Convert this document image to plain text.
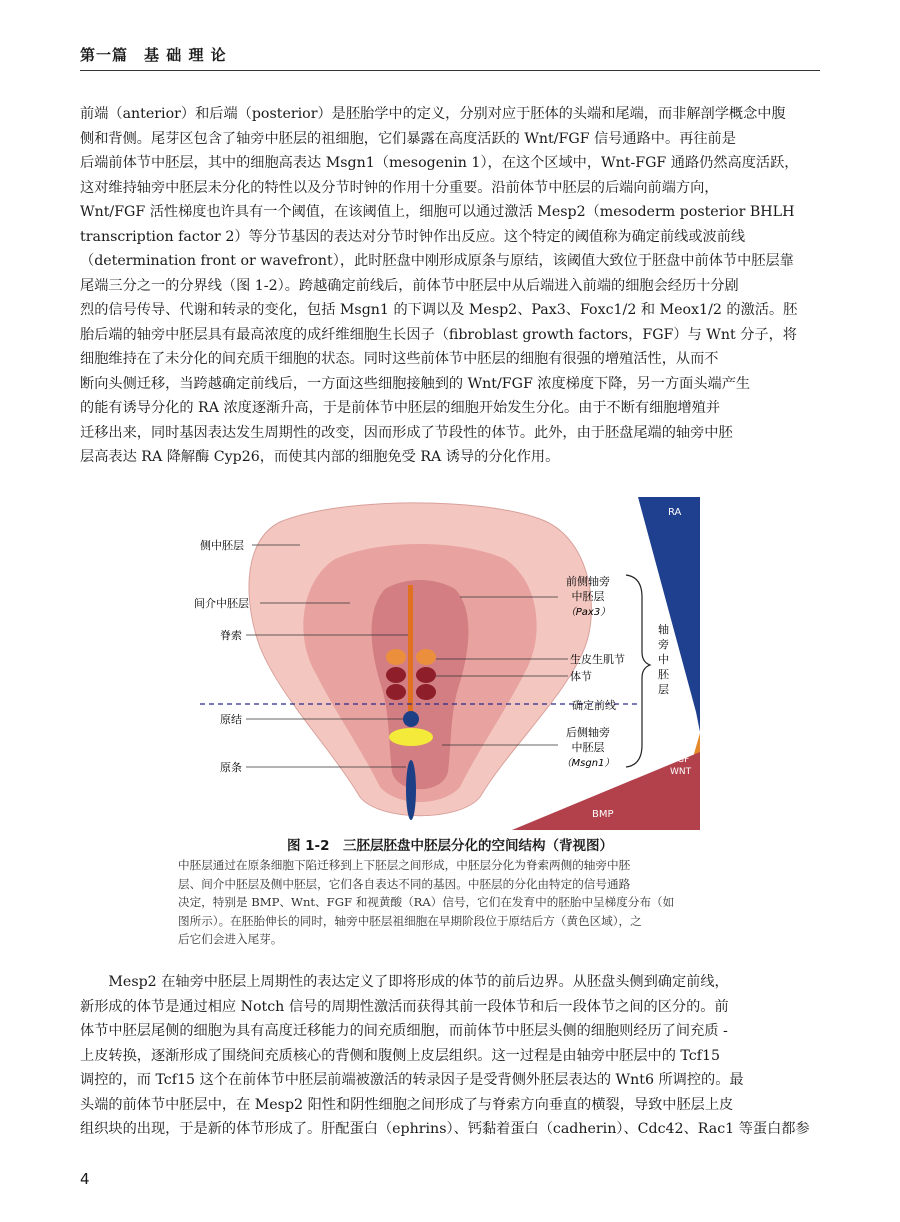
第一篇　基 础 理 论
前端（anterior）和后端（posterior）是胚胎学中的定义，分别对应于胚体的头端和尾端，而非解剖学概念中腹
侧和背侧。尾芽区包含了轴旁中胚层的祖细胞，它们暴露在高度活跃的 Wnt/FGF 信号通路中。再往前是
后端前体节中胚层，其中的细胞高表达 Msgn1（mesogenin 1），在这个区域中，Wnt-FGF 通路仍然高度活跃，
这对维持轴旁中胚层未分化的特性以及分节时钟的作用十分重要。沿前体节中胚层的后端向前端方向，
Wnt/FGF 活性梯度也许具有一个阈值，在该阈值上，细胞可以通过激活 Mesp2（mesoderm posterior BHLH
transcription factor 2）等分节基因的表达对分节时钟作出反应。这个特定的阈值称为确定前线或波前线
（determination front or wavefront），此时胚盘中刚形成原条与原结，该阈值大致位于胚盘中前体节中胚层靠
尾端三分之一的分界线（图 1-2）。跨越确定前线后，前体节中胚层中从后端进入前端的细胞会经历十分剧
烈的信号传导、代谢和转录的变化，包括 Msgn1 的下调以及 Mesp2、Pax3、Foxc1/2 和 Meox1/2 的激活。胚
胎后端的轴旁中胚层具有最高浓度的成纤维细胞生长因子（fibroblast growth factors，FGF）与 Wnt 分子，将
细胞维持在了未分化的间充质干细胞的状态。同时这些前体节中胚层的细胞有很强的增殖活性，从而不
断向头侧迁移，当跨越确定前线后，一方面这些细胞接触到的 Wnt/FGF 浓度梯度下降，另一方面头端产生
的能有诱导分化的 RA 浓度逐渐升高，于是前体节中胚层的细胞开始发生分化。由于不断有细胞增殖并
迁移出来，同时基因表达发生周期性的改变，因而形成了节段性的体节。此外，由于胚盘尾端的轴旁中胚
层高表达 RA 降解酶 Cyp26，而使其内部的细胞免受 RA 诱导的分化作用。
RA
FGF
WNT
BMP
侧中胚层
间介中胚层
脊索
原结
原条
前侧轴旁
中胚层
（Pax3）
生皮生肌节
体节
确定前线
后侧轴旁
中胚层
（Msgn1）
轴
旁
中
胚
层
图 1-2　三胚层胚盘中胚层分化的空间结构（背视图）
中胚层通过在原条细胞下陷迁移到上下胚层之间形成，中胚层分化为脊索两侧的轴旁中胚
层、间介中胚层及侧中胚层，它们各自表达不同的基因。中胚层的分化由特定的信号通路
决定，特别是 BMP、Wnt、FGF 和视黄酸（RA）信号，它们在发育中的胚胎中呈梯度分布（如
图所示）。在胚胎伸长的同时，轴旁中胚层祖细胞在早期阶段位于原结后方（黄色区域），之
后它们会进入尾芽。
Mesp2 在轴旁中胚层上周期性的表达定义了即将形成的体节的前后边界。从胚盘头侧到确定前线，
新形成的体节是通过相应 Notch 信号的周期性激活而获得其前一段体节和后一段体节之间的区分的。前
体节中胚层尾侧的细胞为具有高度迁移能力的间充质细胞，而前体节中胚层头侧的细胞则经历了间充质 -
上皮转换，逐渐形成了围绕间充质核心的背侧和腹侧上皮层组织。这一过程是由轴旁中胚层中的 Tcf15
调控的，而 Tcf15 这个在前体节中胚层前端被激活的转录因子是受背侧外胚层表达的 Wnt6 所调控的。最
头端的前体节中胚层中，在 Mesp2 阳性和阴性细胞之间形成了与脊索方向垂直的横裂，导致中胚层上皮
组织块的出现，于是新的体节形成了。肝配蛋白（ephrins）、钙黏着蛋白（cadherin）、Cdc42、Rac1 等蛋白都参
4
